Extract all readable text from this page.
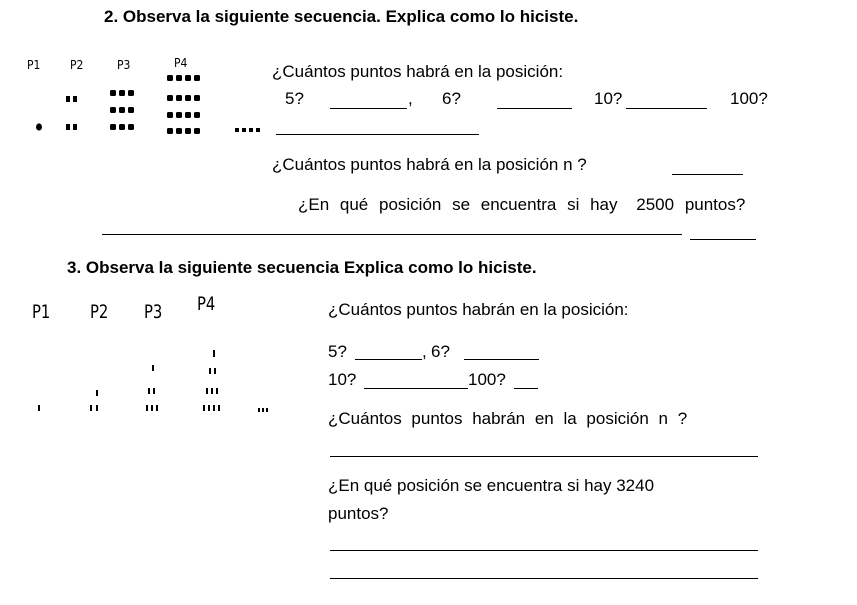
2. Observa la siguiente secuencia. Explica como lo hiciste.
P1 P2	P3	P4	¿Cuántos puntos habrá en la posición:
5?	, 6?	10?	100?
¿Cuántos puntos habrá en la posición n ?
¿En qué posición se encuentra si hay 2500 puntos?
3. Observa la siguiente secuencia Explica como lo hiciste.
P1 P2 P3 P4	¿Cuántos puntos habrán en la posición:
5?	, 6?
10?	100?
¿Cuántos puntos habrán en la posición n ?
¿En qué posición se encuentra si hay 3240
puntos?
